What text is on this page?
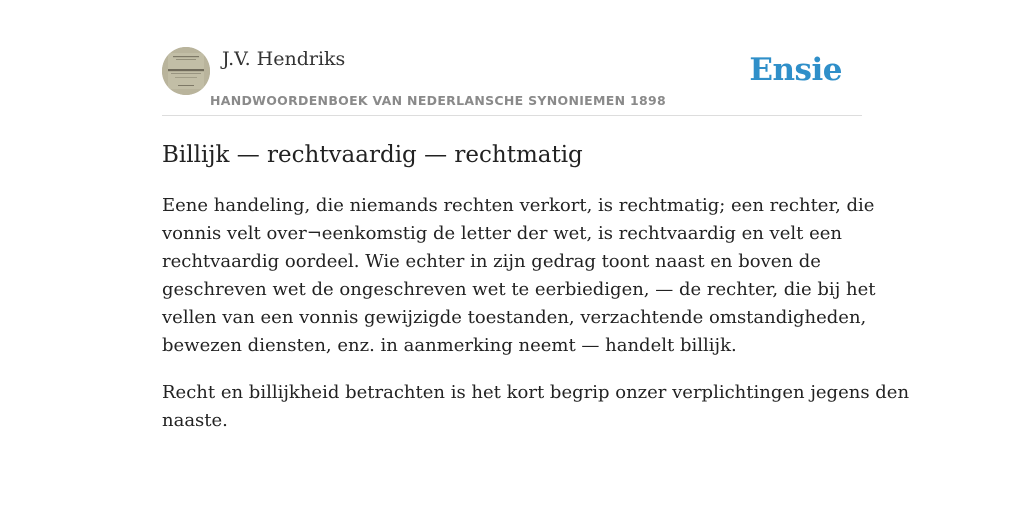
J.V. Hendriks
HANDWOORDENBOEK VAN NEDERLANSCHE SYNONIEMEN 1898
Ensie
Billijk — rechtvaardig — rechtmatig

Eene handeling, die niemands rechten verkort, is rechtmatig; een rechter, die
vonnis velt over¬eenkomstig de letter der wet, is rechtvaardig en velt een
rechtvaardig oordeel. Wie echter in zijn gedrag toont naast en boven de
geschreven wet de ongeschreven wet te eerbiedigen, — de rechter, die bij het
vellen van een vonnis gewijzigde toestanden, verzachtende omstandigheden,
bewezen diensten, enz. in aanmerking neemt — handelt billijk.

Recht en billijkheid betrachten is het kort begrip onzer verplichtingen jegens den
naaste.
